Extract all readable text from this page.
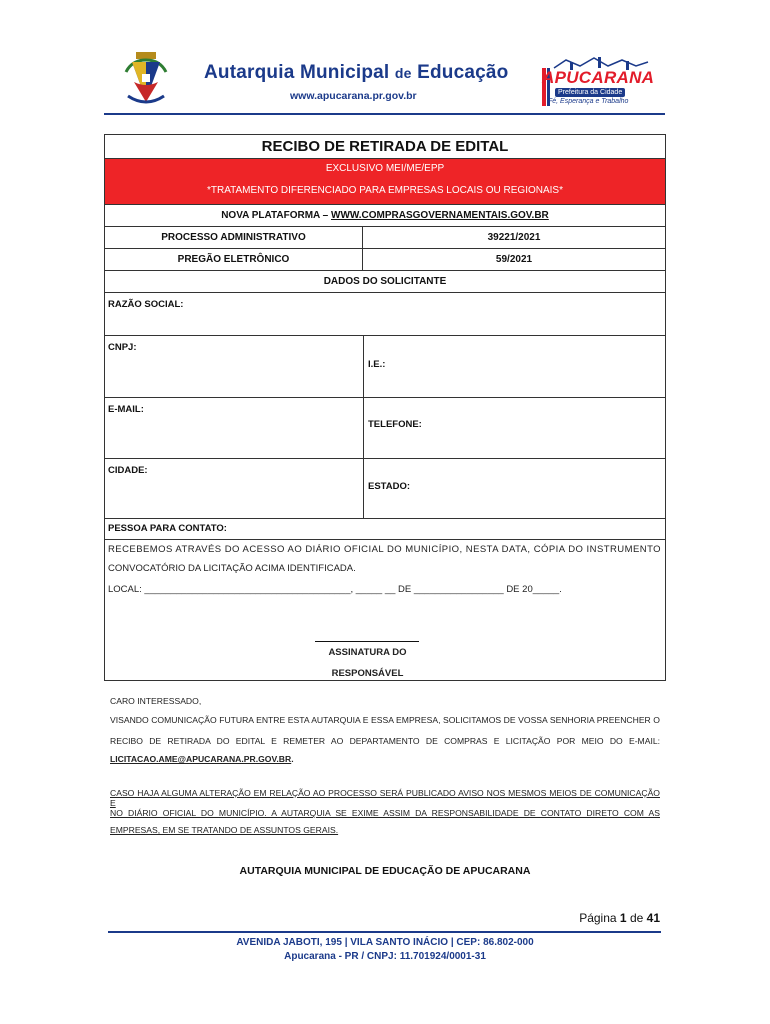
Autarquia Municipal de Educação
www.apucarana.pr.gov.br
APUCARANA
Prefeitura da Cidade
Fé, Esperança e Trabalho
RECIBO DE RETIRADA DE EDITAL
EXCLUSIVO MEI/ME/EPP
*TRATAMENTO DIFERENCIADO PARA EMPRESAS LOCAIS OU REGIONAIS*
NOVA PLATAFORMA – WWW.COMPRASGOVERNAMENTAIS.GOV.BR
PROCESSO ADMINISTRATIVO	39221/2021
PREGÃO ELETRÔNICO	59/2021
DADOS DO SOLICITANTE
RAZÃO SOCIAL:
CNPJ:
I.E.:
E-MAIL:
TELEFONE:
CIDADE:
ESTADO:
PESSOA PARA CONTATO:
RECEBEMOS ATRAVÉS DO ACESSO AO DIÁRIO OFICIAL DO MUNICÍPIO, NESTA DATA, CÓPIA DO INSTRUMENTO
CONVOCATÓRIO DA LICITAÇÃO ACIMA IDENTIFICADA.
LOCAL: _______________________________________, _____ __ DE _________________ DE 20_____.
ASSINATURA DO
RESPONSÁVEL
CARO INTERESSADO,
VISANDO COMUNICAÇÃO FUTURA ENTRE ESTA AUTARQUIA E ESSA EMPRESA, SOLICITAMOS DE VOSSA SENHORIA PREENCHER O
RECIBO DE RETIRADA DO EDITAL E REMETER AO DEPARTAMENTO DE COMPRAS E LICITAÇÃO POR MEIO DO E-MAIL:
LICITACAO.AME@APUCARANA.PR.GOV.BR.
CASO HAJA ALGUMA ALTERAÇÃO EM RELAÇÃO AO PROCESSO SERÁ PUBLICADO AVISO NOS MESMOS MEIOS DE COMUNICAÇÃO E
NO DIÁRIO OFICIAL DO MUNICÍPIO. A AUTARQUIA SE EXIME ASSIM DA RESPONSABILIDADE DE CONTATO DIRETO COM AS
EMPRESAS, EM SE TRATANDO DE ASSUNTOS GERAIS.
AUTARQUIA MUNICIPAL DE EDUCAÇÃO DE APUCARANA
Página 1 de 41
AVENIDA JABOTI, 195 | VILA SANTO INÁCIO | CEP: 86.802-000
Apucarana - PR / CNPJ: 11.701924/0001-31
